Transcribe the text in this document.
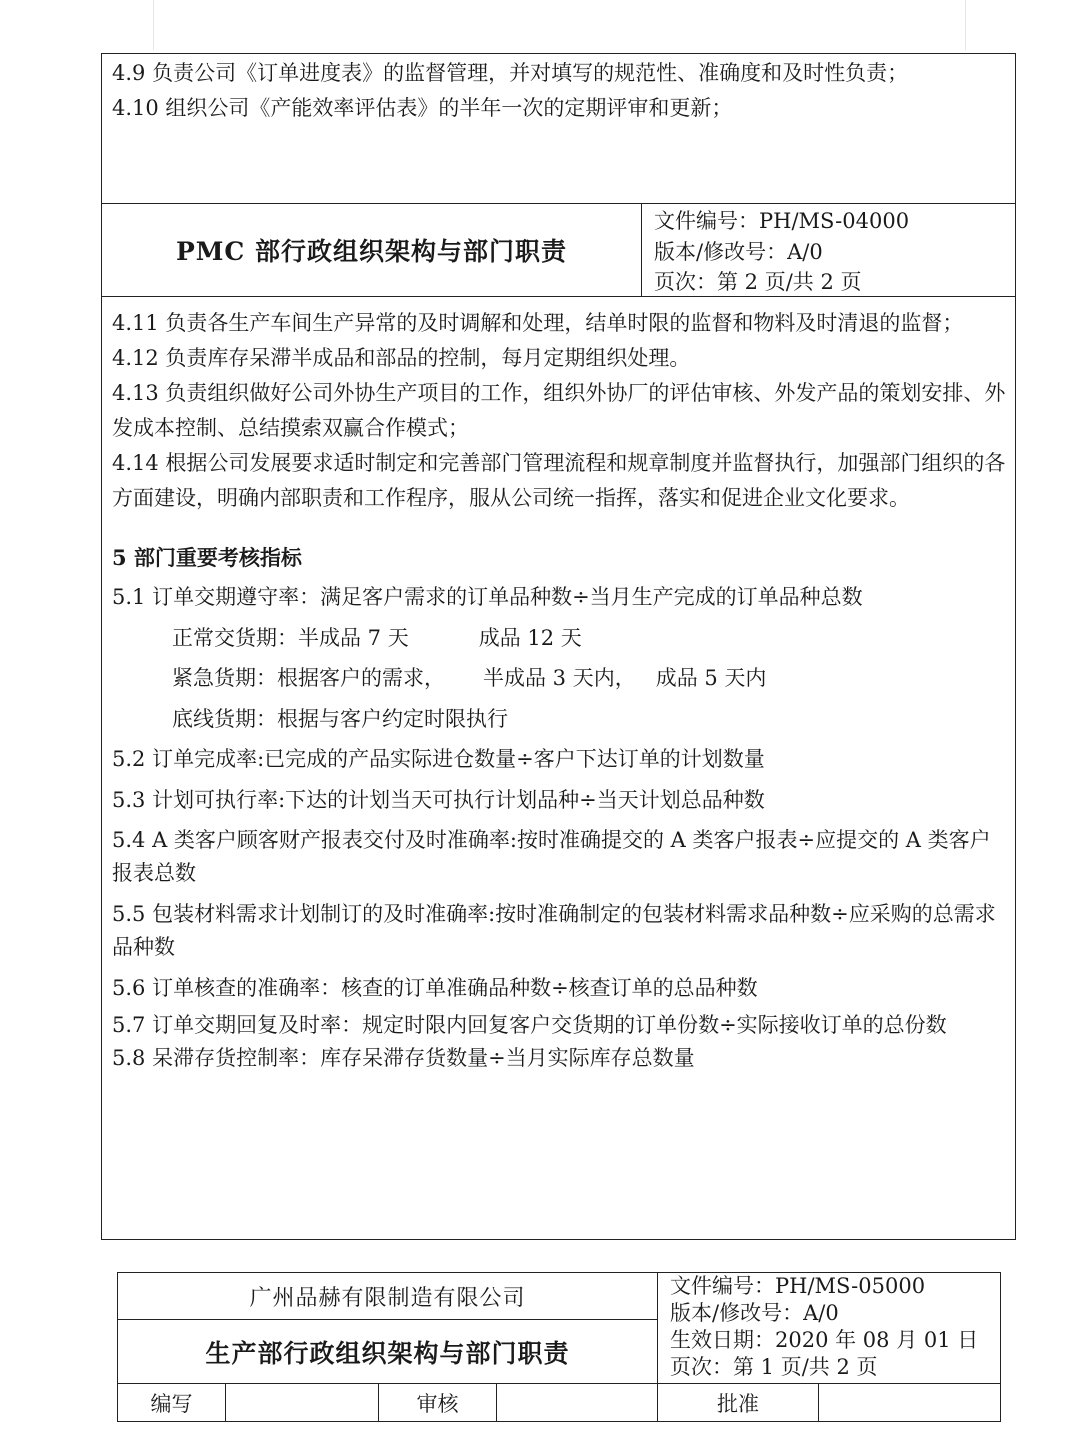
4.9 负责公司《订单进度表》的监督管理，并对填写的规范性、准确度和及时性负责；
4.10 组织公司《产能效率评估表》的半年一次的定期评审和更新；
PMC 部行政组织架构与部门职责
文件编号：PH/MS-04000
版本/修改号：A/0
页次：第 2 页/共 2 页
4.11 负责各生产车间生产异常的及时调解和处理，结单时限的监督和物料及时清退的监督；
4.12 负责库存呆滞半成品和部品的控制，每月定期组织处理。
4.13 负责组织做好公司外协生产项目的工作，组织外协厂的评估审核、外发产品的策划安排、外发成本控制、总结摸索双赢合作模式；
4.14 根据公司发展要求适时制定和完善部门管理流程和规章制度并监督执行，加强部门组织的各方面建设，明确内部职责和工作程序，服从公司统一指挥，落实和促进企业文化要求。
5 部门重要考核指标
5.1 订单交期遵守率：满足客户需求的订单品种数÷当月生产完成的订单品种总数
正常交货期：半成品 7 天	成品 12 天
紧急货期：根据客户的需求， 半成品 3 天内， 成品 5 天内
底线货期：根据与客户约定时限执行
5.2 订单完成率:已完成的产品实际进仓数量÷客户下达订单的计划数量
5.3 计划可执行率:下达的计划当天可执行计划品种÷当天计划总品种数
5.4 A 类客户顾客财产报表交付及时准确率:按时准确提交的 A 类客户报表÷应提交的 A 类客户报表总数
5.5 包装材料需求计划制订的及时准确率:按时准确制定的包装材料需求品种数÷应采购的总需求品种数
5.6 订单核查的准确率：核查的订单准确品种数÷核查订单的总品种数
5.7 订单交期回复及时率：规定时限内回复客户交货期的订单份数÷实际接收订单的总份数
5.8 呆滞存货控制率：库存呆滞存货数量÷当月实际库存总数量
广州品赫有限制造有限公司
生产部行政组织架构与部门职责
文件编号：PH/MS-05000
版本/修改号：A/0
生效日期：2020 年 08 月 01 日
页次：第 1 页/共 2 页
编写	审核	批准
